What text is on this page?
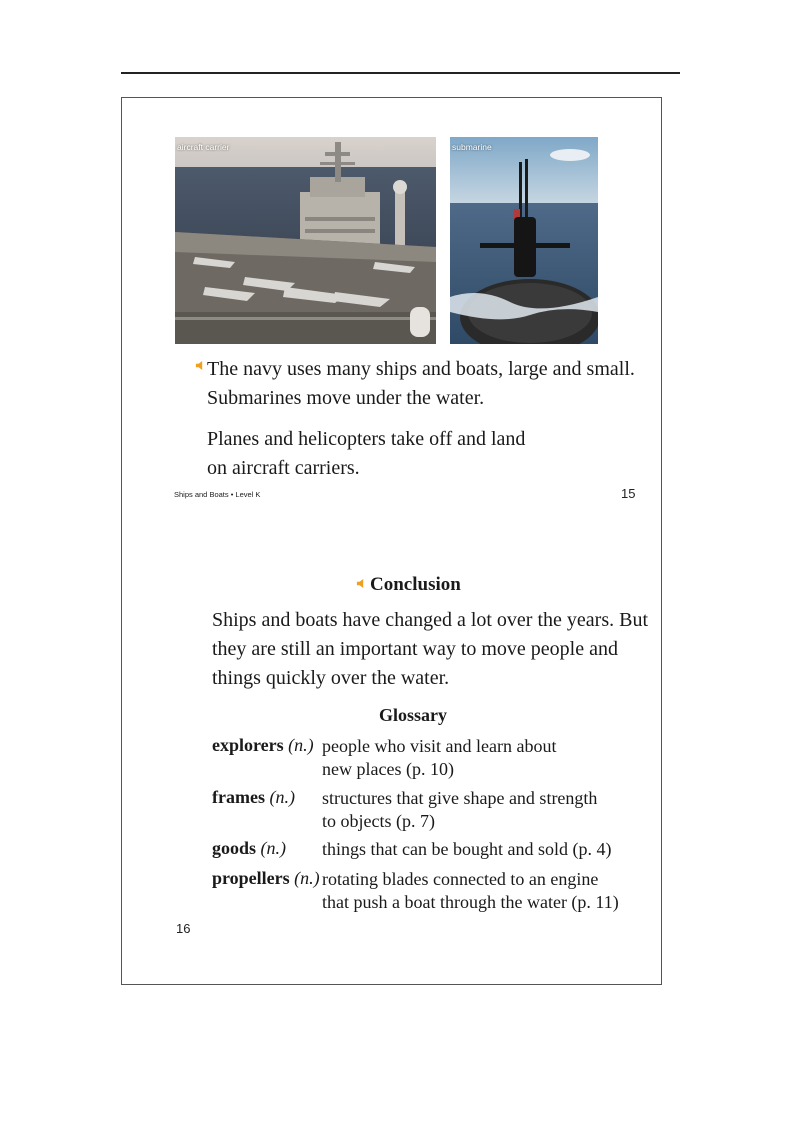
aircraft carrier	submarine
The navy uses many ships and boats, large and small.
Submarines move under the water.
Planes and helicopters take off and land
on aircraft carriers.
Ships and Boats • Level K	15
Conclusion
Ships and boats have changed a lot over the years. But
they are still an important way to move people and
things quickly over the water.
Glossary
explorers (n.) people who visit and learn about
new places (p. 10)
frames (n.) structures that give shape and strength
to objects (p. 7)
goods (n.) things that can be bought and sold (p. 4)
propellers (n.) rotating blades connected to an engine
that push a boat through the water (p. 11)
16
